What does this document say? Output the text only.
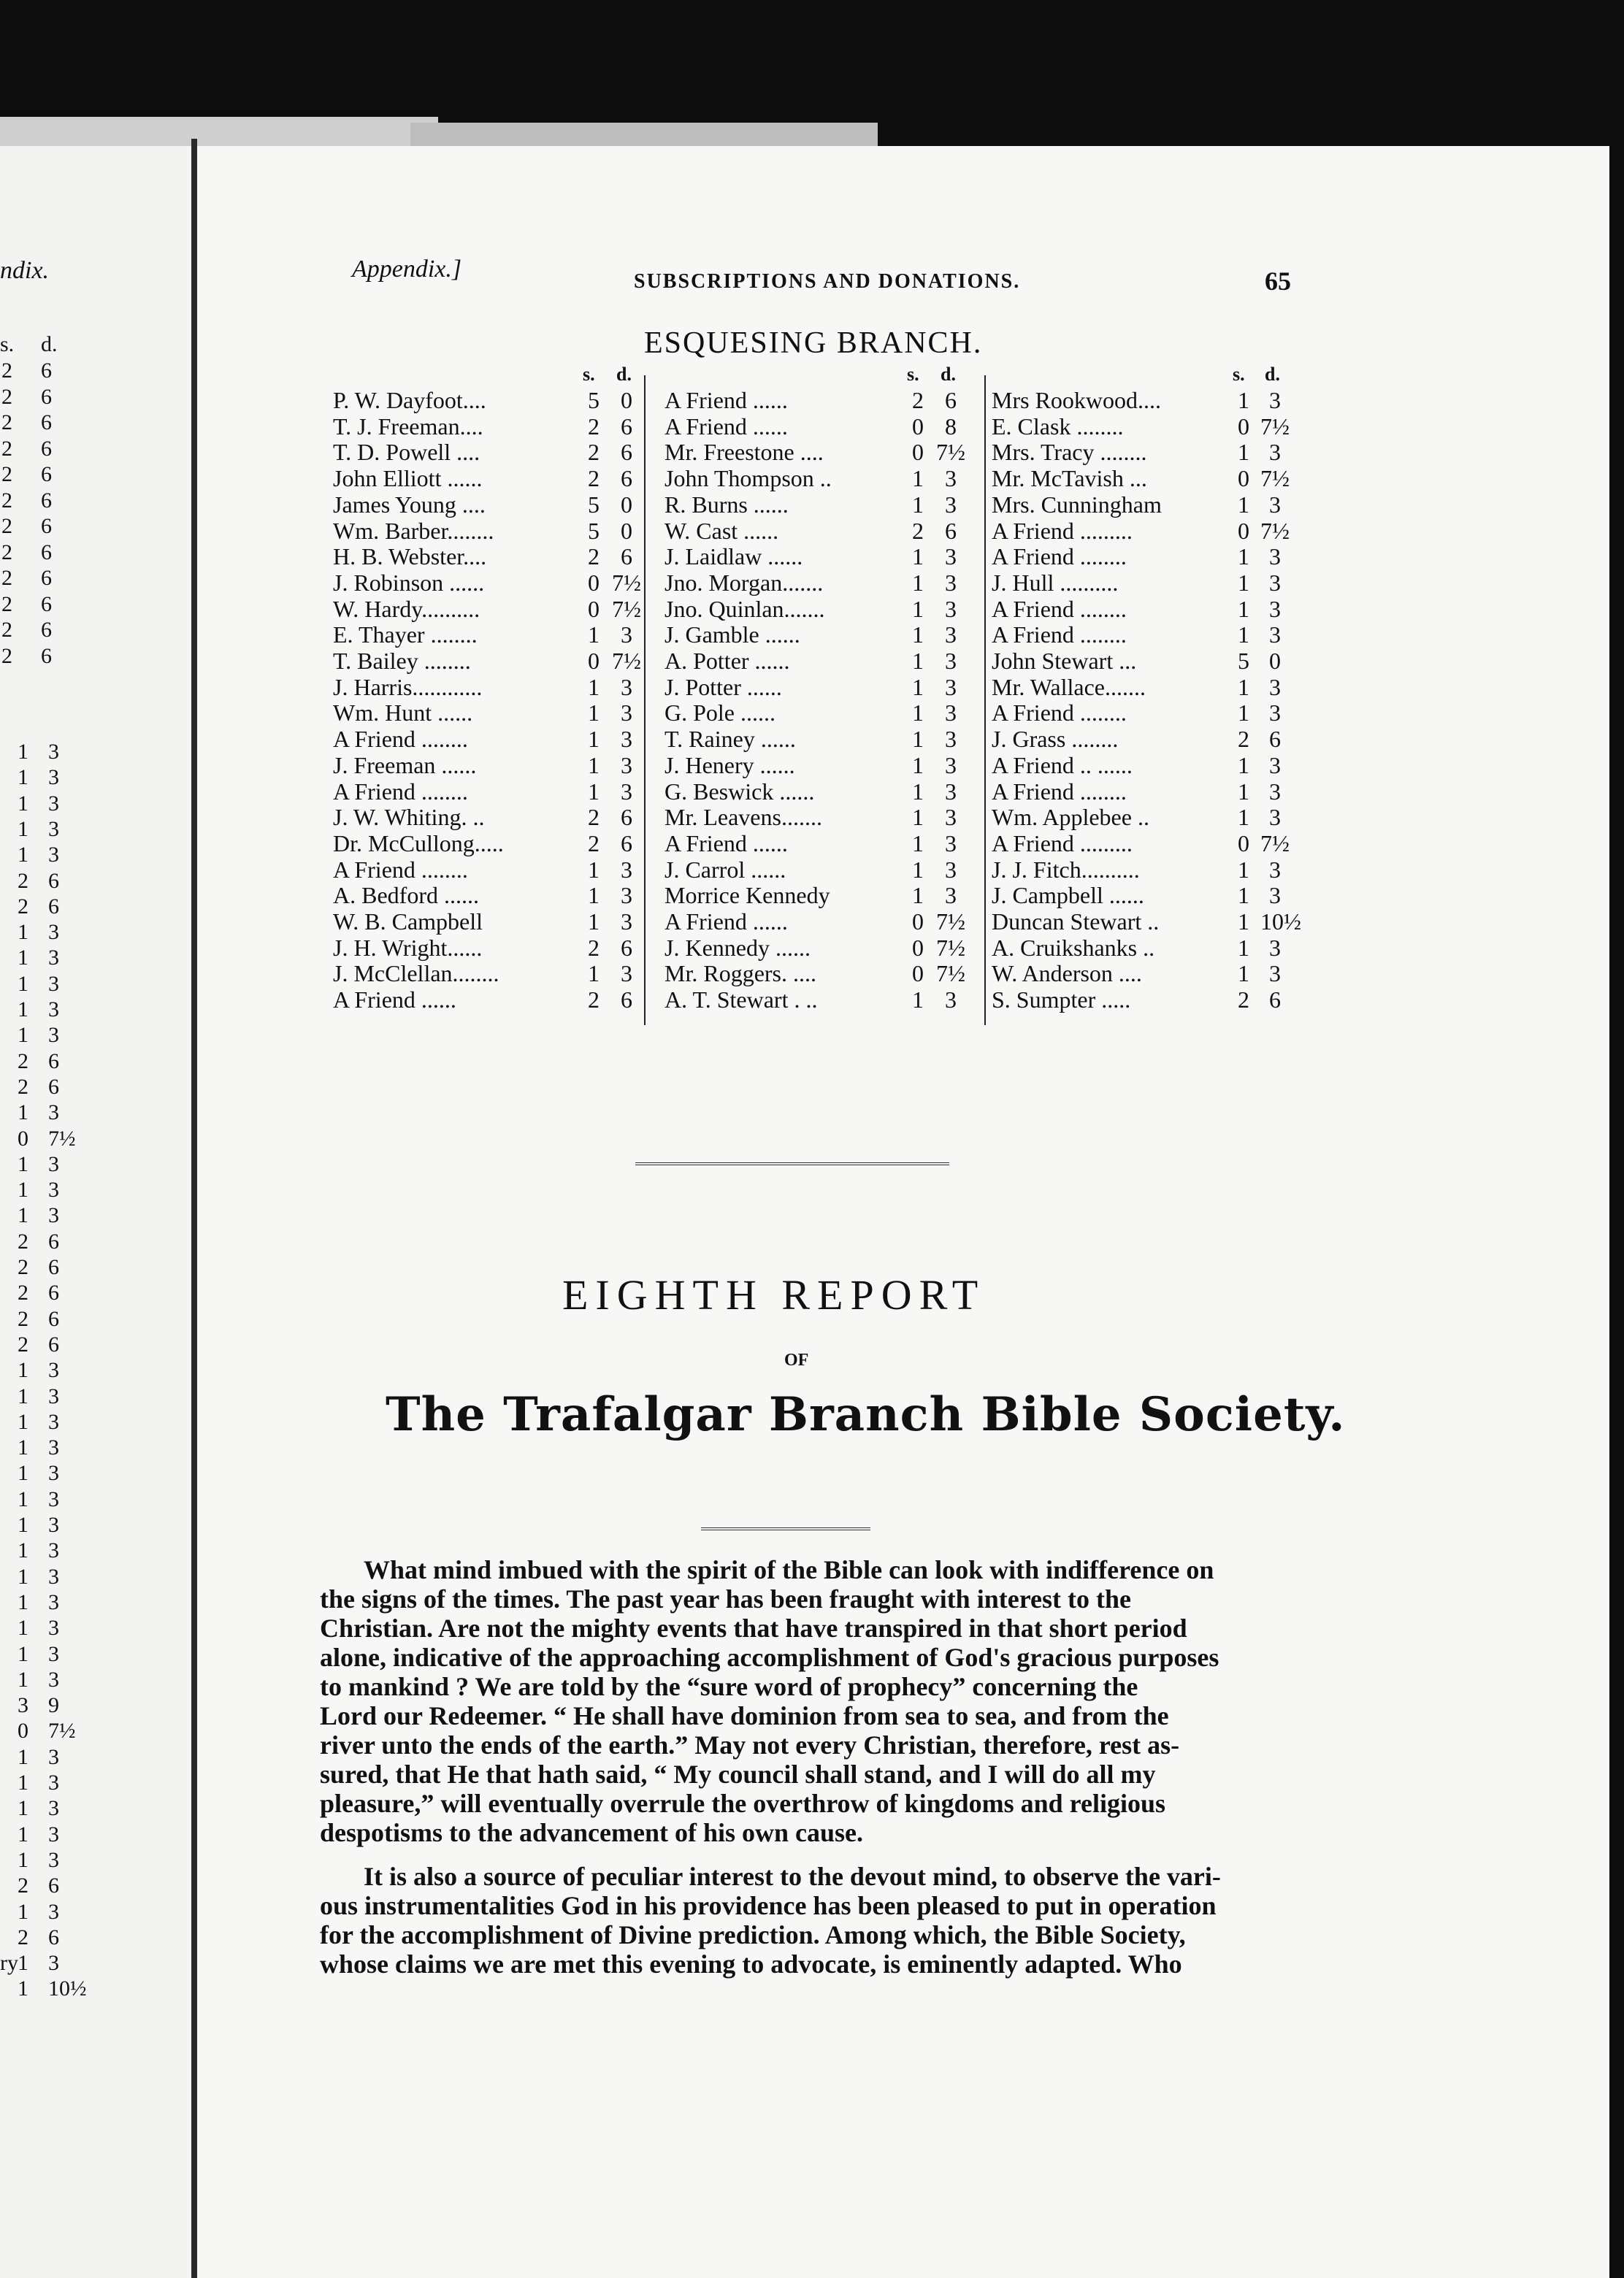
ndix.
s. d.
2 6
2 6
2 6
2 6
2 6
2 6
2 6
2 6
2 6
2 6
2 6
2 6
1 3
1 3
1 3
1 3
1 3
2 6
2 6
1 3
1 3
1 3
1 3
1 3
2 6
2 6
1 3
0 7½
1 3
1 3
1 3
2 6
2 6
2 6
2 6
2 6
1 3
1 3
1 3
1 3
1 3
1 3
1 3
1 3
1 3
1 3
1 3
1 3
1 3
3 9
0 7½
1 3
1 3
1 3
1 3
1 3
2 6
1 3
2 6
1 3
1 10½
ry
Appendix.]	SUBSCRIPTIONS AND DONATIONS.	65
ESQUESING BRANCH.
s. d.
P. W. Dayfoot....	5 0
T. J. Freeman....	2 6
T. D. Powell ....	2 6
John Elliott ......	2 6
James Young ....	5 0
Wm. Barber........	5 0
H. B. Webster....	2 6
J. Robinson ......	0 7½
W. Hardy..........	0 7½
E. Thayer ........	1 3
T. Bailey ........	0 7½
J. Harris............	1 3
Wm. Hunt ......	1 3
A Friend ........	1 3
J. Freeman ......	1 3
A Friend ........	1 3
J. W. Whiting. ..	2 6
Dr. McCullong.....	2 6
A Friend ........	1 3
A. Bedford ......	1 3
W. B. Campbell	1 3
J. H. Wright......	2 6
J. McClellan........	1 3
A Friend ......	2 6
s. d.
A Friend ......	2 6
A Friend ......	0 8
Mr. Freestone ....	0 7½
John Thompson ..	1 3
R. Burns ......	1 3
W. Cast ......	2 6
J. Laidlaw ......	1 3
Jno. Morgan.......	1 3
Jno. Quinlan.......	1 3
J. Gamble ......	1 3
A. Potter ......	1 3
J. Potter ......	1 3
G. Pole ......	1 3
T. Rainey ......	1 3
J. Henery ......	1 3
G. Beswick ......	1 3
Mr. Leavens.......	1 3
A Friend ......	1 3
J. Carrol ......	1 3
Morrice Kennedy	1 3
A Friend ......	0 7½
J. Kennedy ......	0 7½
Mr. Roggers. ....	0 7½
A. T. Stewart . ..	1 3
s. d.
Mrs Rookwood....	1 3
E. Clask ........	0 7½
Mrs. Tracy ........	1 3
Mr. McTavish ...	0 7½
Mrs. Cunningham	1 3
A Friend .........	0 7½
A Friend ........	1 3
J. Hull ..........	1 3
A Friend ........	1 3
A Friend ........	1 3
John Stewart ...	5 0
Mr. Wallace.......	1 3
A Friend ........	1 3
J. Grass ........	2 6
A Friend .. ......	1 3
A Friend ........	1 3
Wm. Applebee ..	1 3
A Friend .........	0 7½
J. J. Fitch..........	1 3
J. Campbell ......	1 3
Duncan Stewart ..	1 10½
A. Cruikshanks ..	1 3
W. Anderson ....	1 3
S. Sumpter .....	2 6
EIGHTH REPORT
OF
The Trafalgar Branch Bible Society.
What mind imbued with the spirit of the Bible can look with indifference on
the signs of the times. The past year has been fraught with interest to the
Christian. Are not the mighty events that have transpired in that short period
alone, indicative of the approaching accomplishment of God's gracious purposes
to mankind ? We are told by the “sure word of prophecy” concerning the
Lord our Redeemer. “ He shall have dominion from sea to sea, and from the
river unto the ends of the earth.” May not every Christian, therefore, rest as-
sured, that He that hath said, “ My council shall stand, and I will do all my
pleasure,” will eventually overrule the overthrow of kingdoms and religious
despotisms to the advancement of his own cause.
It is also a source of peculiar interest to the devout mind, to observe the vari-
ous instrumentalities God in his providence has been pleased to put in operation
for the accomplishment of Divine prediction. Among which, the Bible Society,
whose claims we are met this evening to advocate, is eminently adapted. Who
